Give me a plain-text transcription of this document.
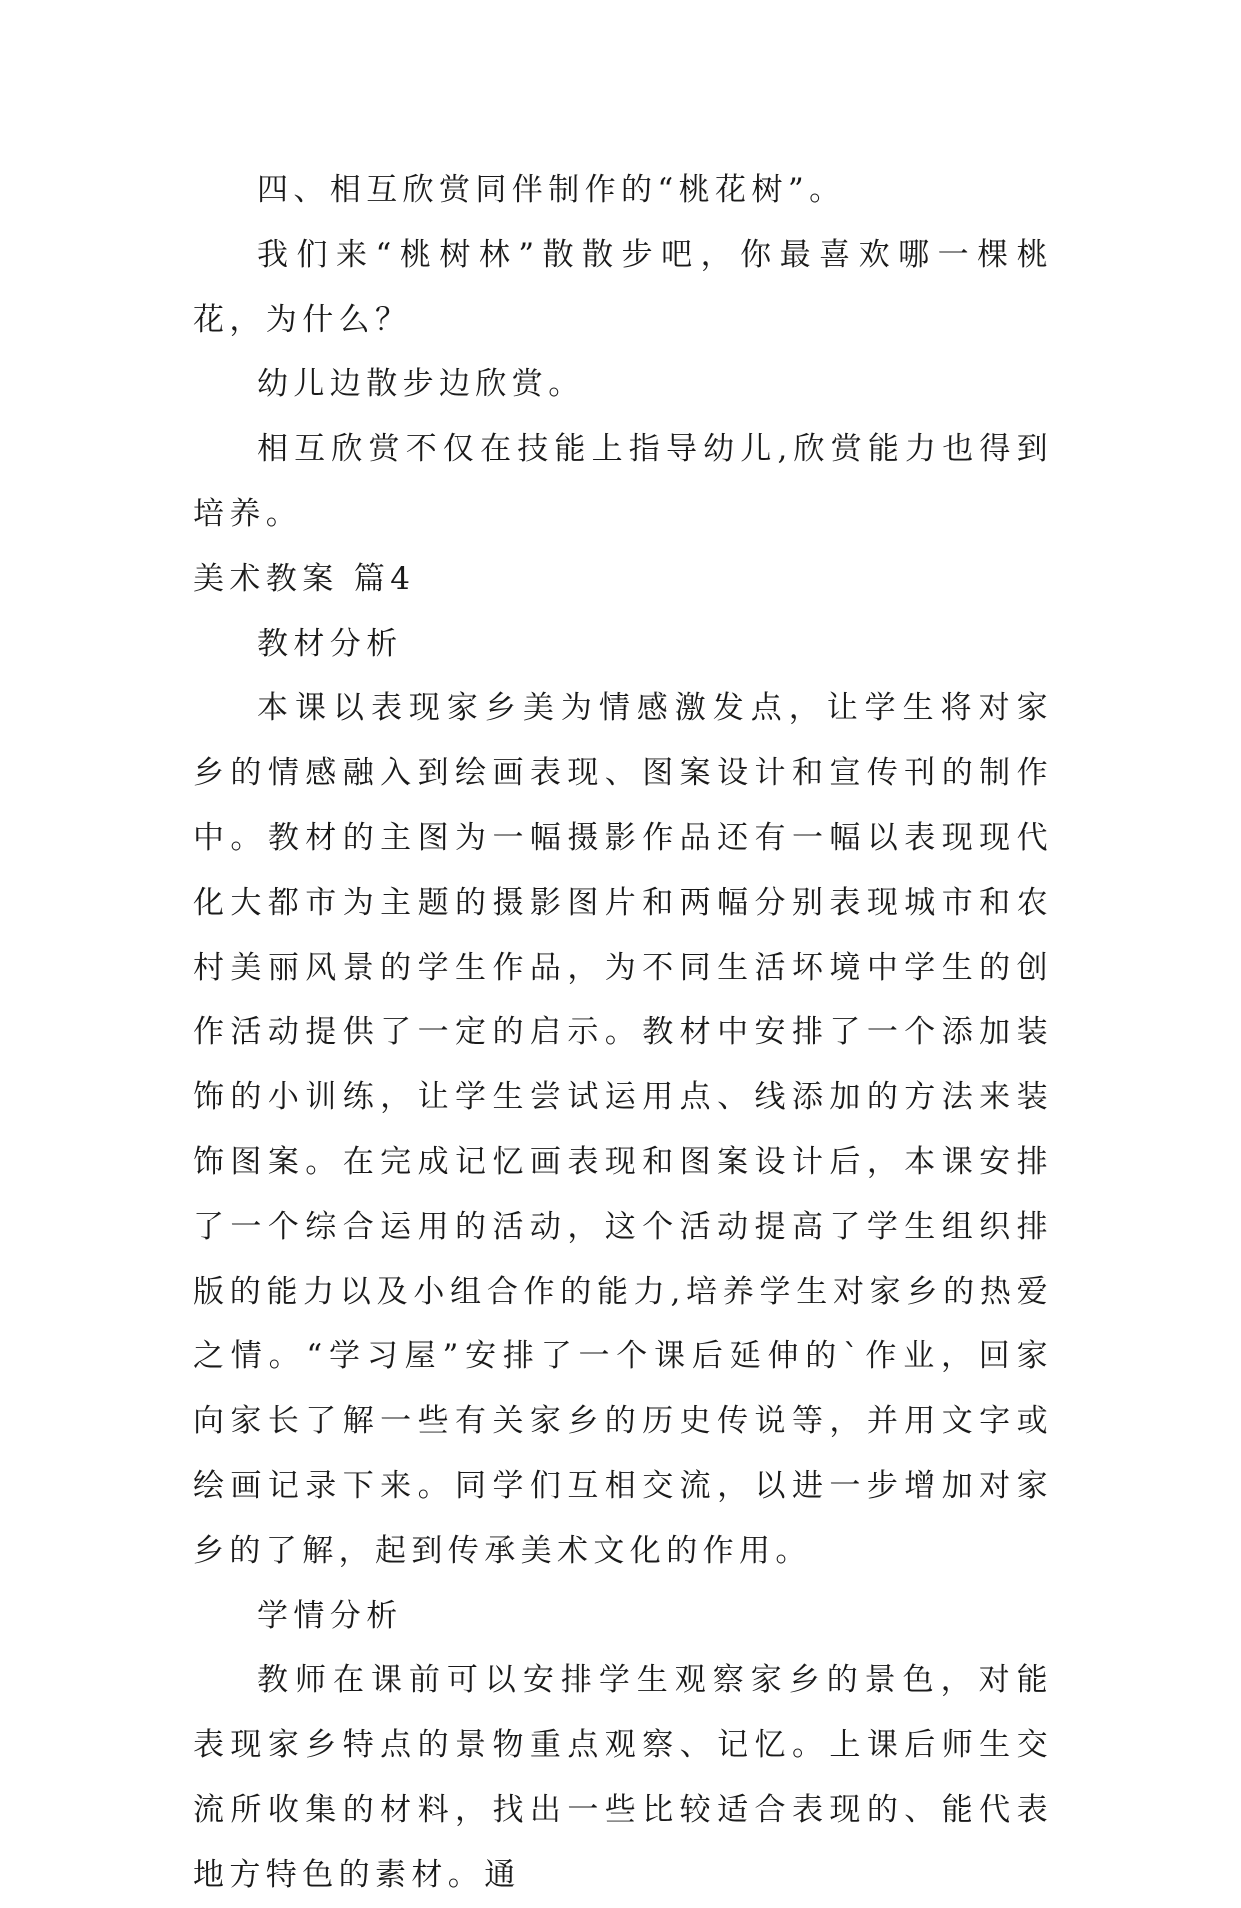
四、相互欣赏同伴制作的“桃花树”。

我们来“桃树林”散散步吧，你最喜欢哪一棵桃花，为什么？

幼儿边散步边欣赏。

相互欣赏不仅在技能上指导幼儿,欣赏能力也得到培养。

美术教案 篇4

教材分析

本课以表现家乡美为情感激发点，让学生将对家乡的情感融入到绘画表现、图案设计和宣传刊的制作中。教材的主图为一幅摄影作品还有一幅以表现现代化大都市为主题的摄影图片和两幅分别表现城市和农村美丽风景的学生作品，为不同生活坏境中学生的创作活动提供了一定的启示。教材中安排了一个添加装饰的小训练，让学生尝试运用点、线添加的方法来装饰图案。在完成记忆画表现和图案设计后，本课安排了一个综合运用的活动，这个活动提高了学生组织排版的能力以及小组合作的能力,培养学生对家乡的热爱之情。“学习屋”安排了一个课后延伸的`作业，回家向家长了解一些有关家乡的历史传说等，并用文字或绘画记录下来。同学们互相交流，以进一步增加对家乡的了解，起到传承美术文化的作用。

学情分析

教师在课前可以安排学生观察家乡的景色，对能表现家乡特点的景物重点观察、记忆。上课后师生交流所收集的材料，找出一些比较适合表现的、能代表地方特色的素材。通
